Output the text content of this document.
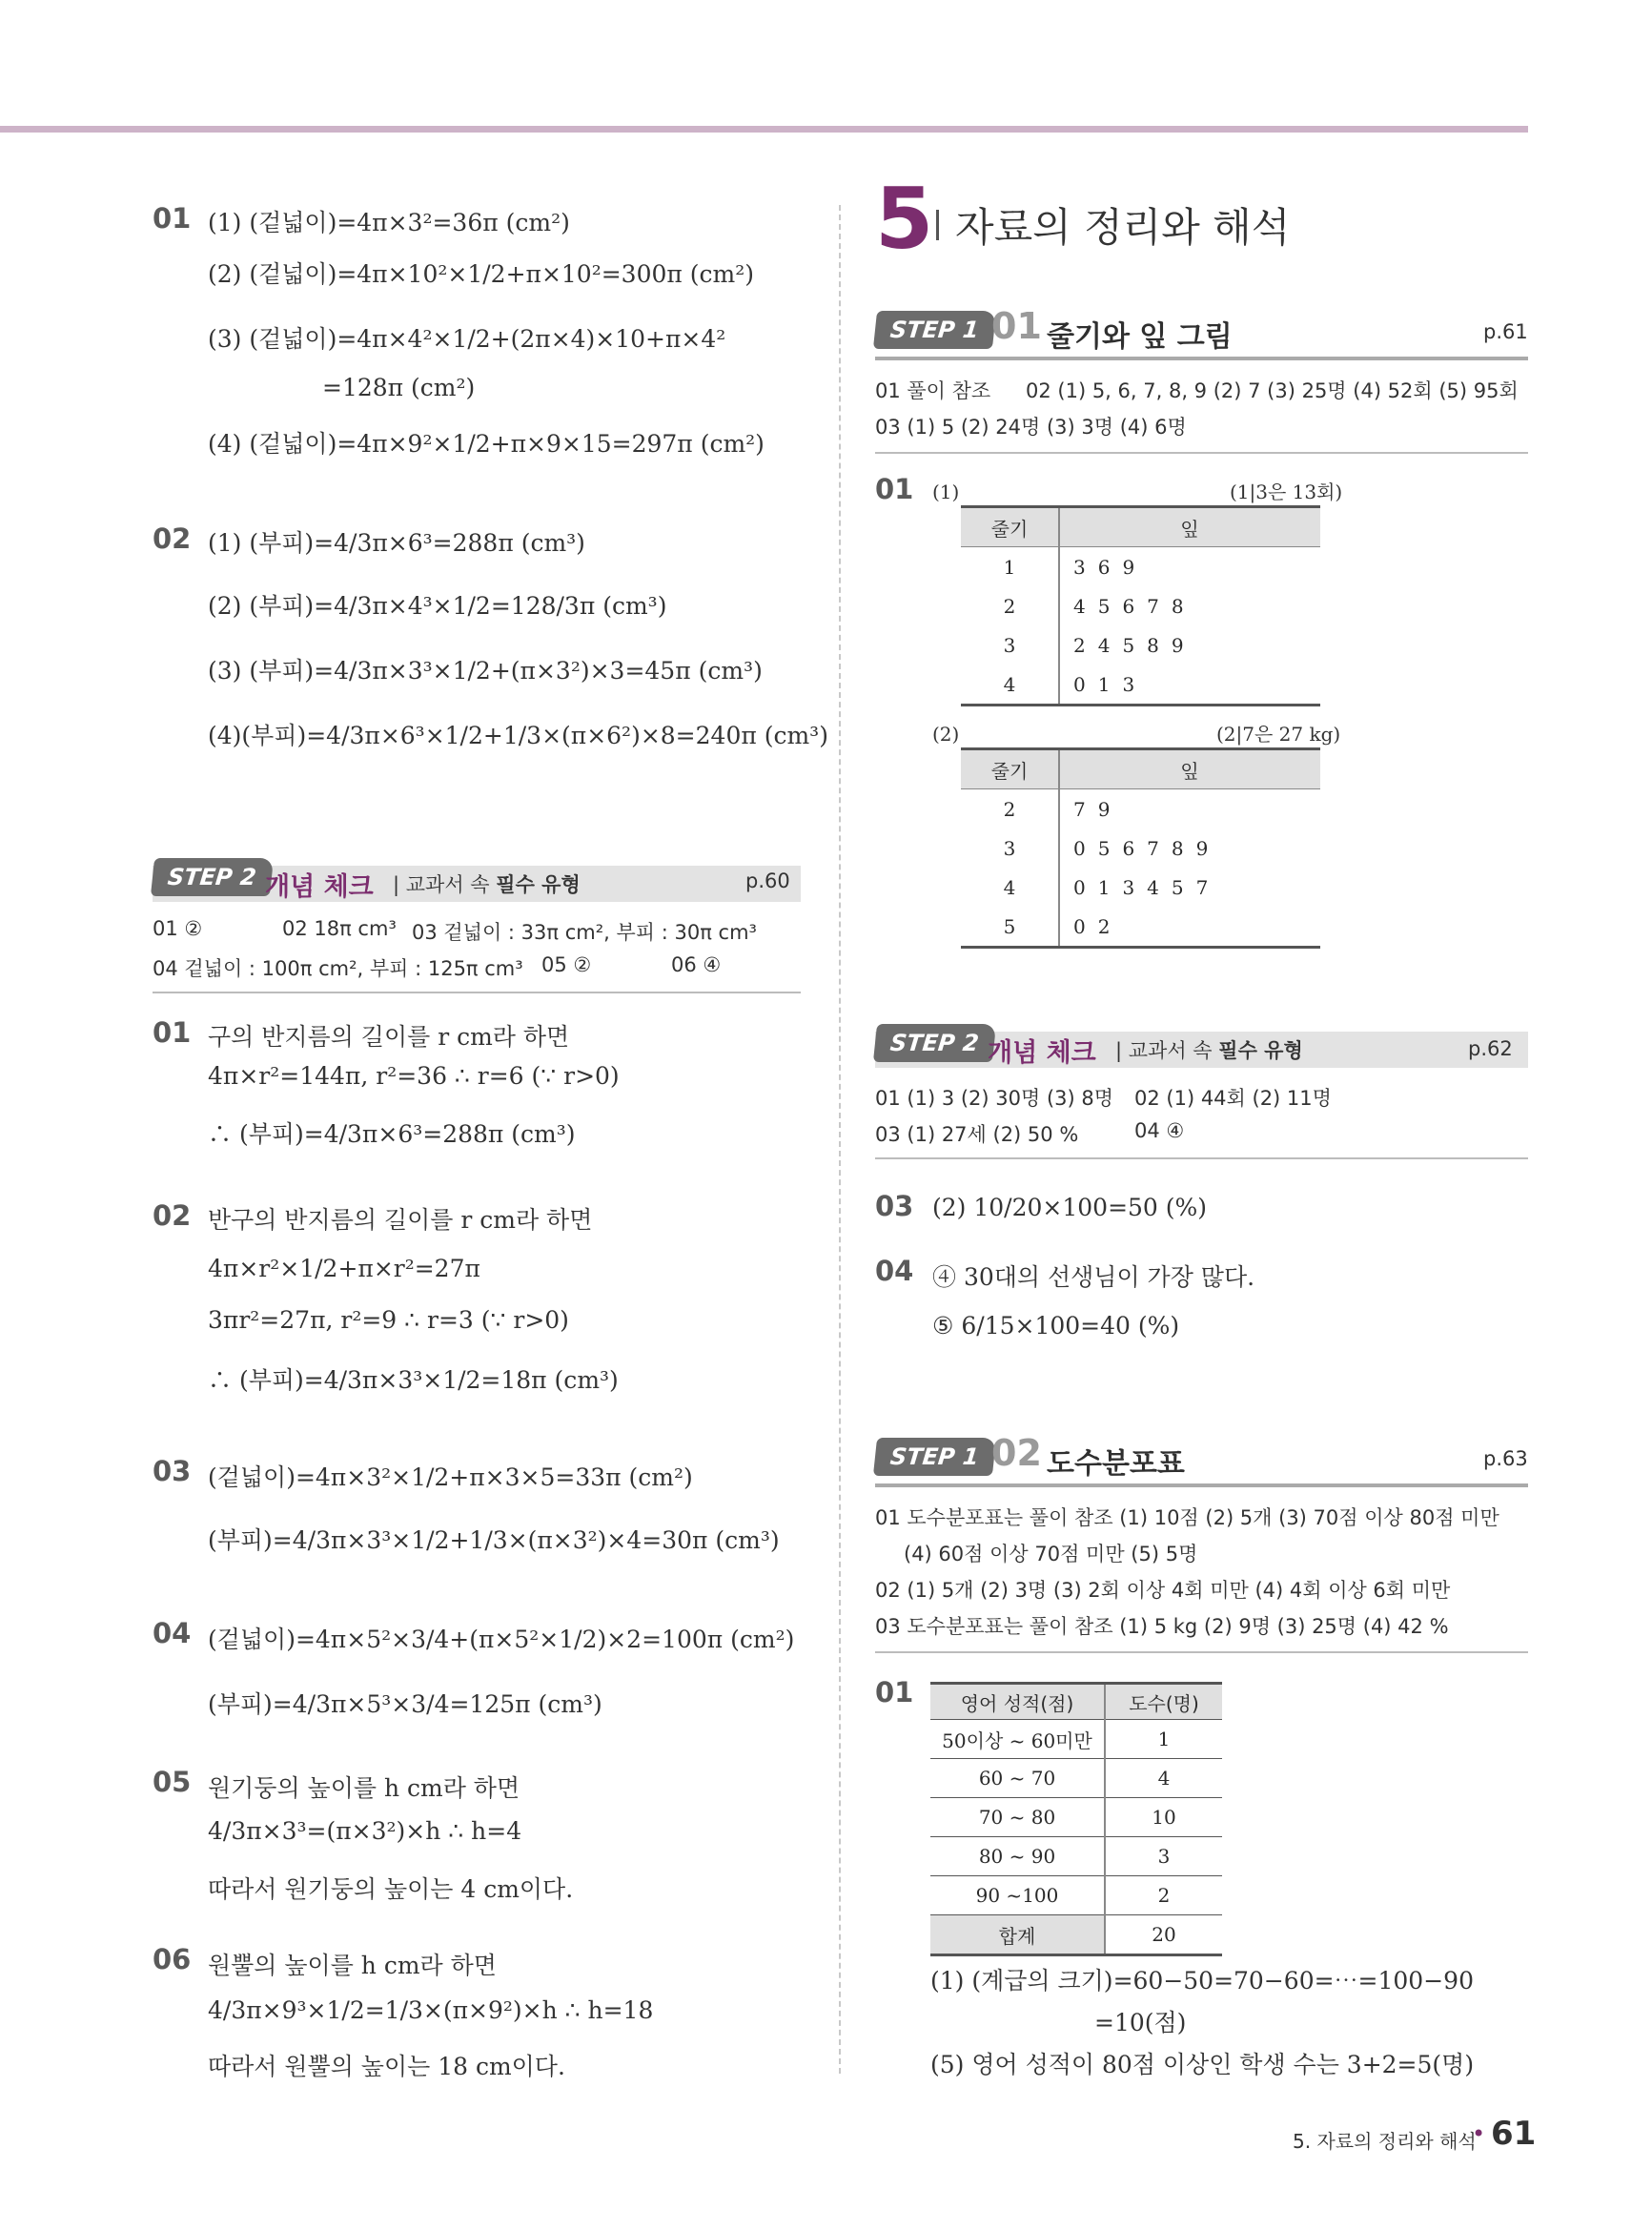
01 (1) (겉넓이)=4π×3²=36π (cm²)
(2) (겉넓이)=4π×10²×1/2+π×10²=300π (cm²)
(3) (겉넓이)=4π×4²×1/2+(2π×4)×10+π×4²
=128π (cm²)
(4) (겉넓이)=4π×9²×1/2+π×9×15=297π (cm²)
02 (1) (부피)=4/3π×6³=288π (cm³)
(2) (부피)=4/3π×4³×1/2=128/3π (cm³)
(3) (부피)=4/3π×3³×1/2+(π×3²)×3=45π (cm³)
(4)(부피)=4/3π×6³×1/2+1/3×(π×6²)×8=240π (cm³)
STEP 2 개념 체크 | 교과서 속 필수 유형	p.60
01 ②	02 18π cm³ 03 겉넓이 : 33π cm², 부피 : 30π cm³
04 겉넓이 : 100π cm², 부피 : 125π cm³ 05 ②	06 ④
01 구의 반지름의 길이를 r cm라 하면
4π×r²=144π, r²=36 ∴ r=6 (∵ r>0)
∴ (부피)=4/3π×6³=288π (cm³)
02 반구의 반지름의 길이를 r cm라 하면
4π×r²×1/2+π×r²=27π
3πr²=27π, r²=9 ∴ r=3 (∵ r>0)
∴ (부피)=4/3π×3³×1/2=18π (cm³)
03 (겉넓이)=4π×3²×1/2+π×3×5=33π (cm²)
(부피)=4/3π×3³×1/2+1/3×(π×3²)×4=30π (cm³)
04 (겉넓이)=4π×5²×3/4+(π×5²×1/2)×2=100π (cm²)
(부피)=4/3π×5³×3/4=125π (cm³)
05 원기둥의 높이를 h cm라 하면
4/3π×3³=(π×3²)×h ∴ h=4
따라서 원기둥의 높이는 4 cm이다.
06 원뿔의 높이를 h cm라 하면
4/3π×9³×1/2=1/3×(π×9²)×h ∴ h=18
따라서 원뿔의 높이는 18 cm이다.
5 자료의 정리와 해석
STEP 1 01 줄기와 잎 그림	p.61
01 풀이 참조 02 (1) 5, 6, 7, 8, 9 (2) 7 (3) 25명 (4) 52회 (5) 95회
03 (1) 5 (2) 24명 (3) 3명 (4) 6명
01 (1)	(1|3은 13회)
줄기	잎
1	369
2	45678
3	24589
4	013
(2)	(2|7은 27 kg)
줄기	잎
2	79
3	056789
4	013457
5	02
STEP 2 개념 체크 | 교과서 속 필수 유형	p.62
01 (1) 3 (2) 30명 (3) 8명 02 (1) 44회 (2) 11명
03 (1) 27세 (2) 50 %	04 ④
03 (2) 10/20×100=50 (%)
04 ④ 30대의 선생님이 가장 많다.
⑤ 6/15×100=40 (%)
STEP 1 02 도수분포표	p.63
01 도수분포표는 풀이 참조 (1) 10점 (2) 5개 (3) 70점 이상 80점 미만
(4) 60점 이상 70점 미만 (5) 5명
02 (1) 5개 (2) 3명 (3) 2회 이상 4회 미만 (4) 4회 이상 6회 미만
03 도수분포표는 풀이 참조 (1) 5 kg (2) 9명 (3) 25명 (4) 42 %
01 영어 성적(점)	도수(명)
50이상 ~ 60미만	1
60 ~ 70	4
70 ~ 80	10
80 ~ 90	3
90 ~100	2
합계	20
(1) (계급의 크기)=60−50=70−60=⋯=100−90
=10(점)
(5) 영어 성적이 80점 이상인 학생 수는 3+2=5(명)
5. 자료의 정리와 해석
• 61
